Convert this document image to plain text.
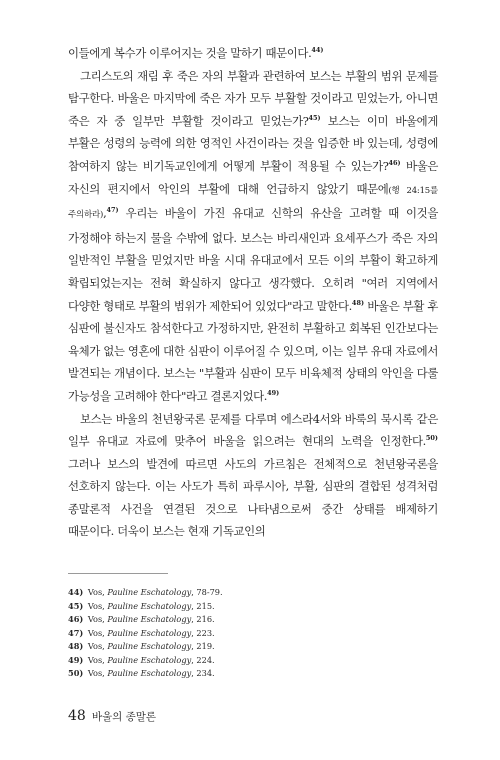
이들에게 복수가 이루어지는 것을 말하기 때문이다.$^{44)}$

그리스도의 재림 후 죽은 자의 부활과 관련하여 보스는 부활의 범위 문제를 탐구한다. 바울은 마지막에 죽은 자가 모두 부활할 것이라고 믿었는가, 아니면 죽은 자 중 일부만 부활할 것이라고 믿었는가?$^{45)}$ 보스는 이미 바울에게 부활은 성령의 능력에 의한 영적인 사건이라는 것을 입증한 바 있는데, 성령에 참여하지 않는 비기독교인에게 어떻게 부활이 적용될 수 있는가?$^{46)}$ 바울은 자신의 편지에서 악인의 부활에 대해 언급하지 않았기 때문에(행 24:15를 주의하라),$^{47)}$ 우리는 바울이 가진 유대교 신학의 유산을 고려할 때 이것을 가정해야 하는지 물을 수밖에 없다. 보스는 바리새인과 요세푸스가 죽은 자의 일반적인 부활을 믿었지만 바울 시대 유대교에서 모든 이의 부활이 확고하게 확립되었는지는 전혀 확실하지 않다고 생각했다. 오히려 "여러 지역에서 다양한 형태로 부활의 범위가 제한되어 있었다"라고 말한다.$^{48)}$ 바울은 부활 후 심판에 불신자도 참석한다고 가정하지만, 완전히 부활하고 회복된 인간보다는 육체가 없는 영혼에 대한 심판이 이루어질 수 있으며, 이는 일부 유대 자료에서 발견되는 개념이다. 보스는 "부활과 심판이 모두 비육체적 상태의 악인을 다룰 가능성을 고려해야 한다"라고 결론지었다.$^{49)}$

보스는 바울의 천년왕국론 문제를 다루며 에스라4서와 바룩의 묵시록 같은 일부 유대교 자료에 맞추어 바울을 읽으려는 현대의 노력을 인정한다.$^{50)}$ 그러나 보스의 발견에 따르면 사도의 가르침은 전체적으로 천년왕국론을 선호하지 않는다. 이는 사도가 특히 파루시아, 부활, 심판의 결합된 성격처럼 종말론적 사건을 연결된 것으로 나타냄으로써 중간 상태를 배제하기 때문이다. 더욱이 보스는 현재 기독교인의

44) Vos, Pauline Eschatology, 78-79.
45) Vos, Pauline Eschatology, 215.
46) Vos, Pauline Eschatology, 216.
47) Vos, Pauline Eschatology, 223.
48) Vos, Pauline Eschatology, 219.
49) Vos, Pauline Eschatology, 224.
50) Vos, Pauline Eschatology, 234.
48 바울의 종말론
